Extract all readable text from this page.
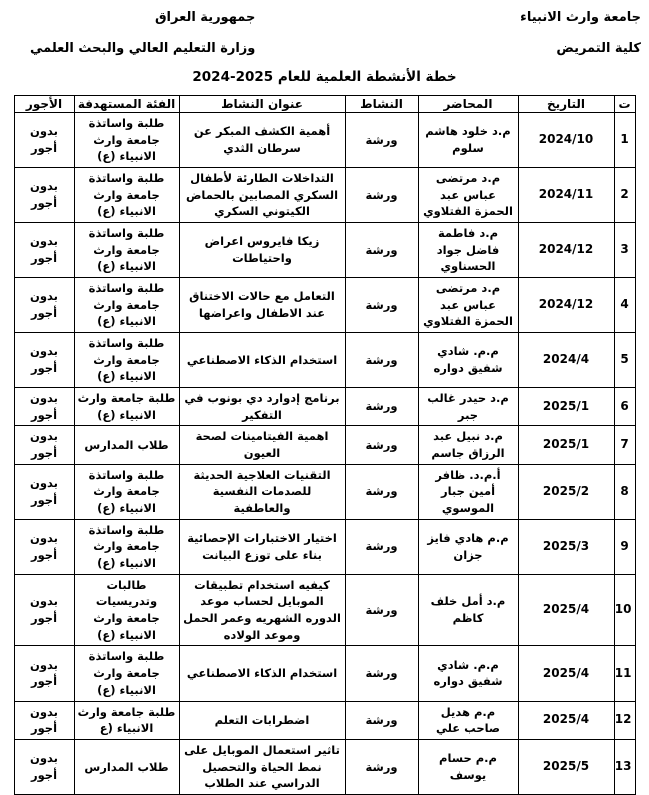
جامعة وارث الانبياء
كلية التمريض
جمهورية العراق
وزارة التعليم العالي والبحث العلمي
خطة الأنشطة العلمية للعام 2025-2024
ت	التاريخ	المحاضر	النشاط	عنوان النشاط	الفئة المستهدفة	الأجور
1	2024/10	م.د خلود هاشم سلوم	ورشة	أهمية الكشف المبكر عن سرطان الثدي	طلبة واساتذة جامعة وارث الانبياء (ع)	بدون أجور
2	2024/11	م.د مرتضى عباس عبد الحمزة الفتلاوي	ورشة	التداخلات الطارئة لأطفال السكري المصابين بالحماض الكيتوني السكري	طلبة واساتذة جامعة وارث الانبياء (ع)	بدون أجور
3	2024/12	م.د فاطمة فاضل جواد الحسناوي	ورشة	زيكا فايروس اعراض واحتياطات	طلبة واساتذة جامعة وارث الانبياء (ع)	بدون أجور
4	2024/12	م.د مرتضى عباس عبد الحمزة الفتلاوي	ورشة	التعامل مع حالات الاختناق عند الاطفال واعراضها	طلبة واساتذة جامعة وارث الانبياء (ع)	بدون أجور
5	2024/4	م.م. شادي شفيق دواره	ورشة	استخدام الذكاء الاصطناعي	طلبة واساتذة جامعة وارث الانبياء (ع)	بدون أجور
6	2025/1	م.د حيدر غالب جبر	ورشة	برنامج إدوارد دي بونوب في التفكير	طلبة جامعة وارث الانبياء (ع)	بدون أجور
7	2025/1	م.د نبيل عبد الرزاق جاسم	ورشة	اهمية الفيتامينات لصحة العيون	طلاب المدارس	بدون أجور
8	2025/2	أ.م.د. ظافر أمين جبار الموسوي	ورشة	التقنيات العلاجية الحديثة للصدمات النفسية والعاطفية	طلبة واساتذة جامعة وارث الانبياء (ع)	بدون أجور
9	2025/3	م.م هادي فايز جزان	ورشة	اختيار الاختبارات الإحصائية بناء على توزع البيانت	طلبة واساتذة جامعة وارث الانبياء (ع)	بدون أجور
10	2025/4	م.د أمل خلف كاظم	ورشة	كيفيه استخدام تطبيقات الموبايل لحساب موعد الدوره الشهريه وعمر الحمل وموعد الولاده	طالبات وتدريسيات جامعة وارث الانبياء (ع)	بدون أجور
11	2025/4	م.م. شادي شفيق دواره	ورشة	استخدام الذكاء الاصطناعي	طلبة واساتذة جامعة وارث الانبياء (ع)	بدون أجور
12	2025/4	م.م هديل صاحب علي	ورشة	اضطرابات التعلم	طلبة جامعة وارث الانبياء (ع	بدون أجور
13	2025/5	م.م حسام يوسف	ورشة	تاثير استعمال الموبايل على نمط الحياة والتحصيل الدراسي عند الطلاب	طلاب المدارس	بدون أجور
